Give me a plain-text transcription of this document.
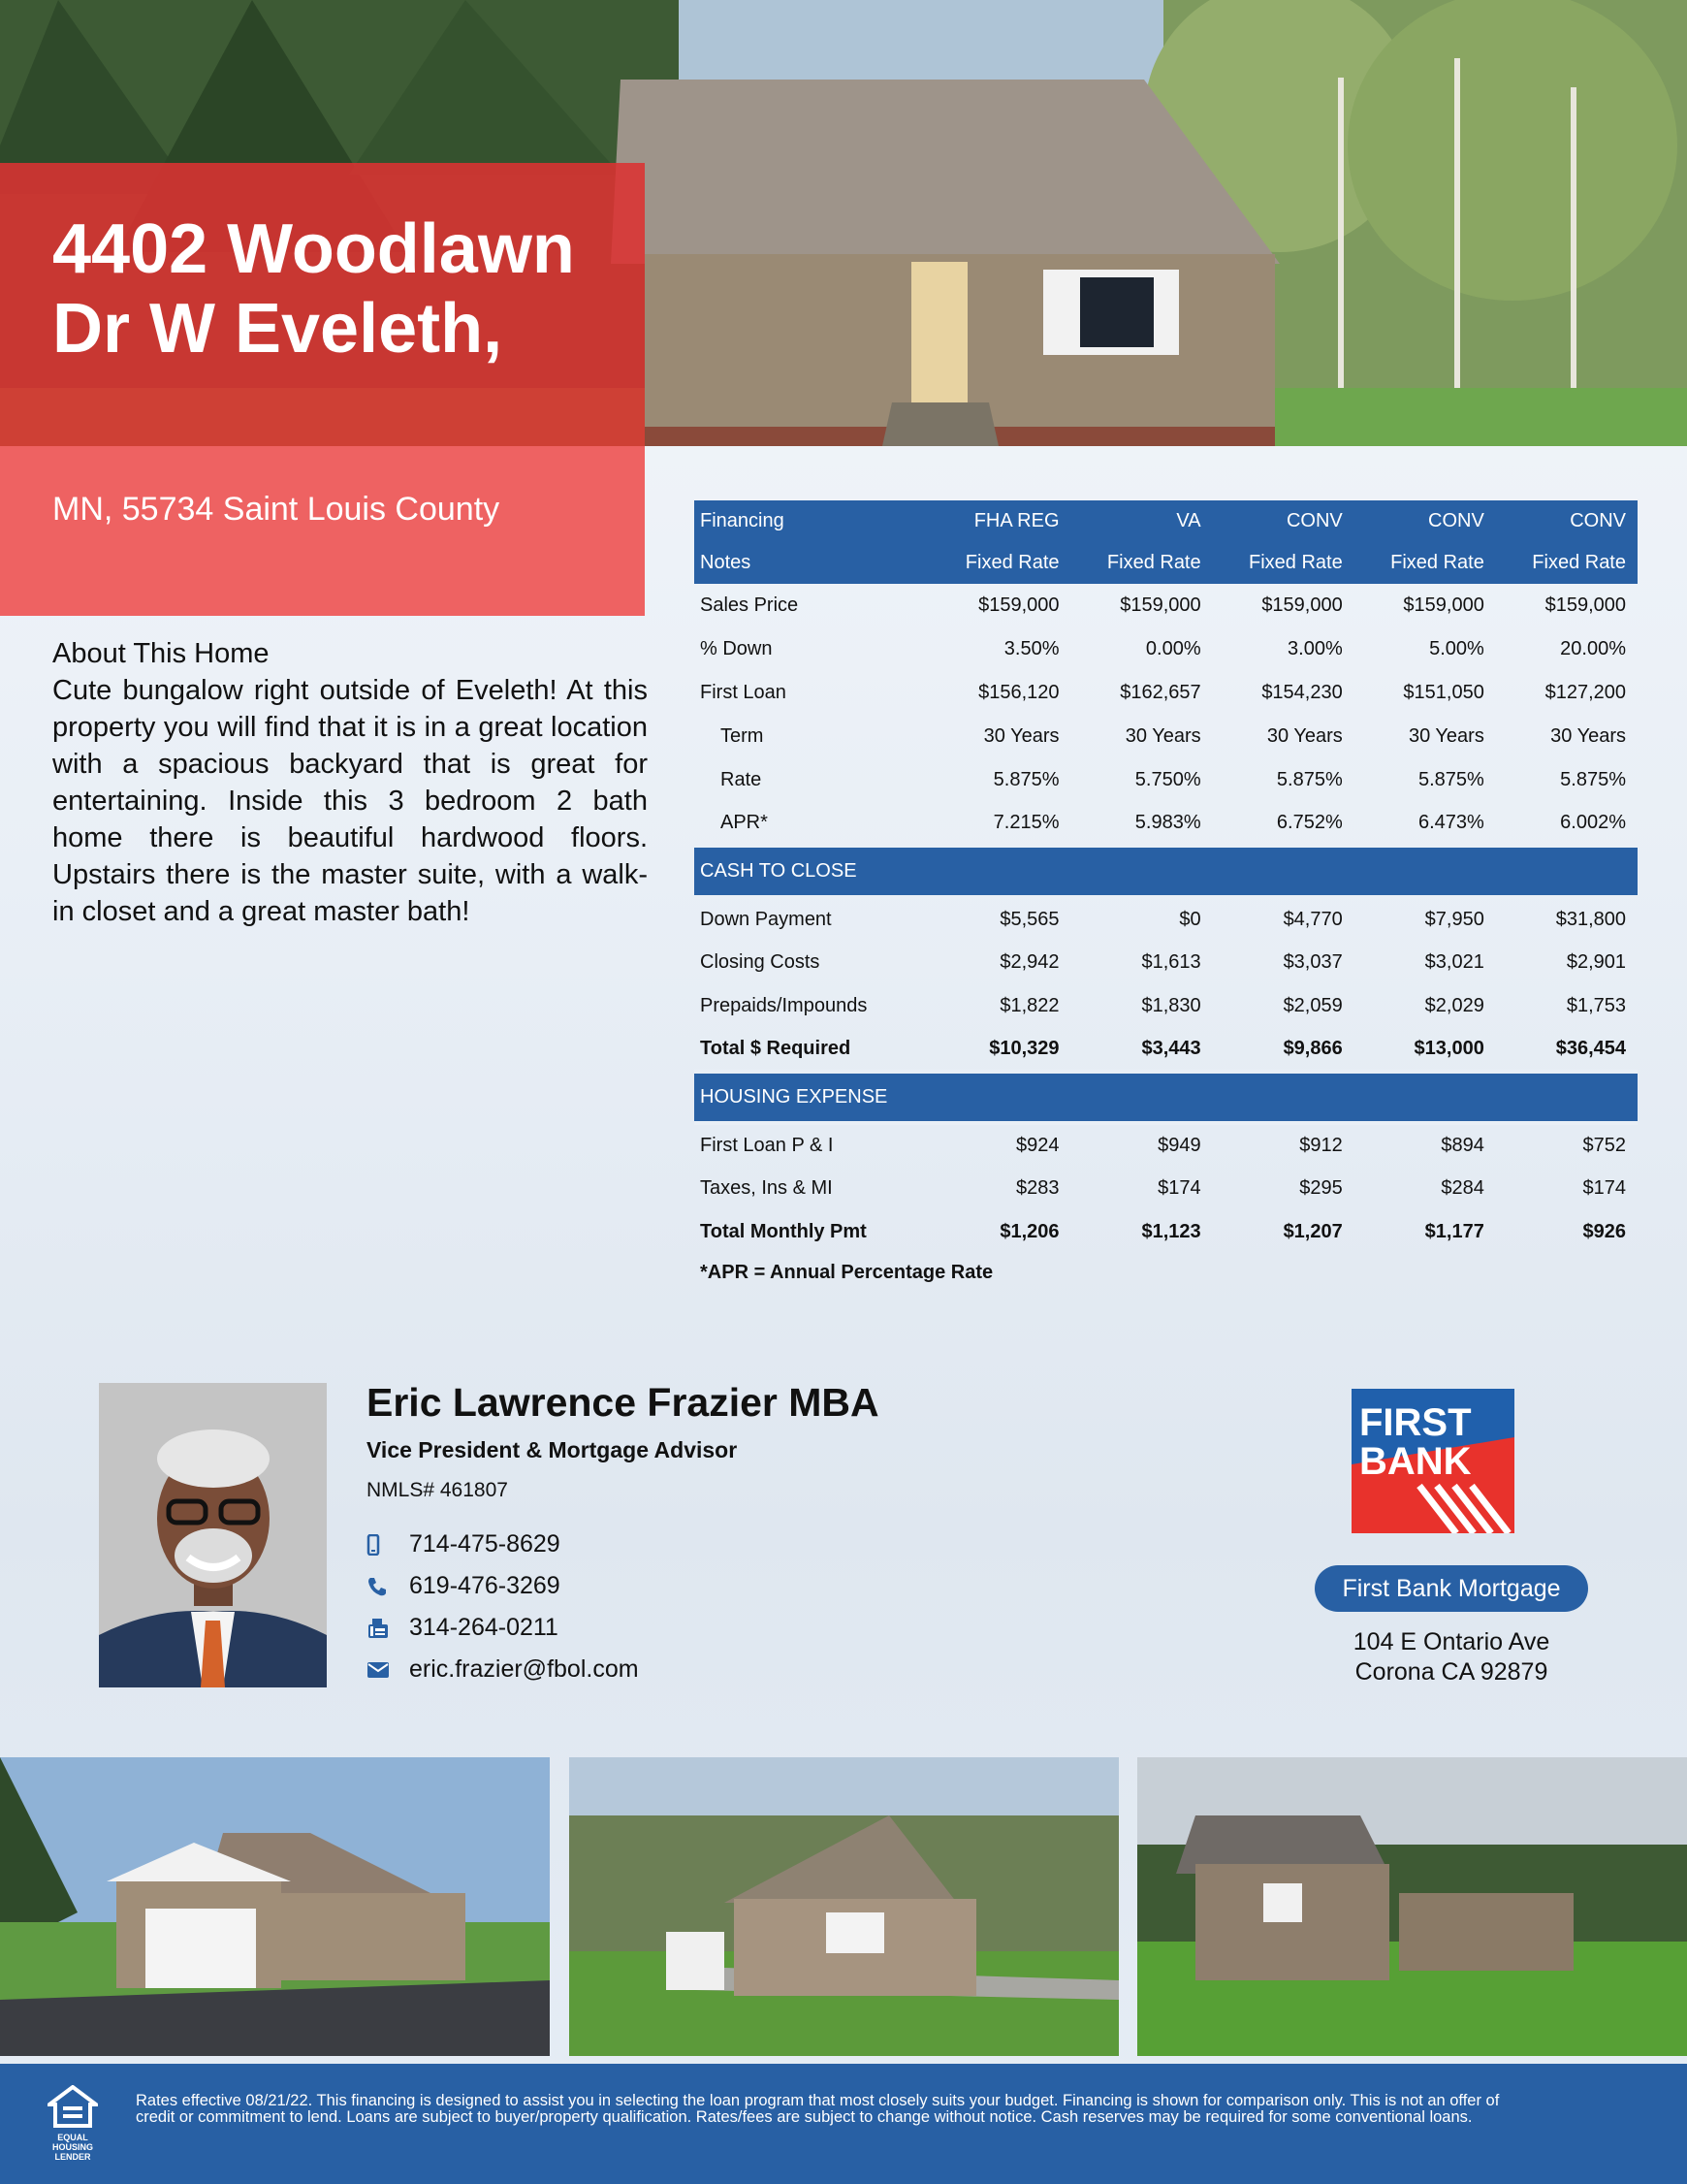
4402 Woodlawn Dr W Eveleth,
MN, 55734 Saint Louis County
About This Home

Cute bungalow right outside of Eveleth! At this property you will find that it is in a great location with a spacious backyard that is great for entertaining. Inside this 3 bedroom 2 bath home there is beautiful hardwood floors. Upstairs there is the master suite, with a walk-in closet and a great master bath!

Financing	FHA REG	VA	CONV	CONV	CONV
Notes	Fixed Rate	Fixed Rate	Fixed Rate	Fixed Rate	Fixed Rate
Sales Price	$159,000	$159,000	$159,000	$159,000	$159,000
% Down	3.50%	0.00%	3.00%	5.00%	20.00%
First Loan	$156,120	$162,657	$154,230	$151,050	$127,200
Term	30 Years	30 Years	30 Years	30 Years	30 Years
Rate	5.875%	5.750%	5.875%	5.875%	5.875%
APR*	7.215%	5.983%	6.752%	6.473%	6.002%
CASH TO CLOSE					
Down Payment	$5,565	$0	$4,770	$7,950	$31,800
Closing Costs	$2,942	$1,613	$3,037	$3,021	$2,901
Prepaids/Impounds	$1,822	$1,830	$2,059	$2,029	$1,753
Total $ Required	$10,329	$3,443	$9,866	$13,000	$36,454
HOUSING EXPENSE					
First Loan P & I	$924	$949	$912	$894	$752
Taxes, Ins & MI	$283	$174	$295	$284	$174
Total Monthly Pmt	$1,206	$1,123	$1,207	$1,177	$926
*APR = Annual Percentage Rate
Eric Lawrence Frazier MBA
Vice President & Mortgage Advisor
NMLS# 461807
714-475-8629
619-476-3269
314-264-0211
eric.frazier@fbol.com
FIRST
BANK
First Bank Mortgage
104 E Ontario Ave
Corona CA 92879
EQUAL HOUSING LENDER

Rates effective 08/21/22. This financing is designed to assist you in selecting the loan program that most closely suits your budget. Financing is shown for comparison only. This is not an offer of credit or commitment to lend. Loans are subject to buyer/property qualification. Rates/fees are subject to change without notice. Cash reserves may be required for some conventional loans.
